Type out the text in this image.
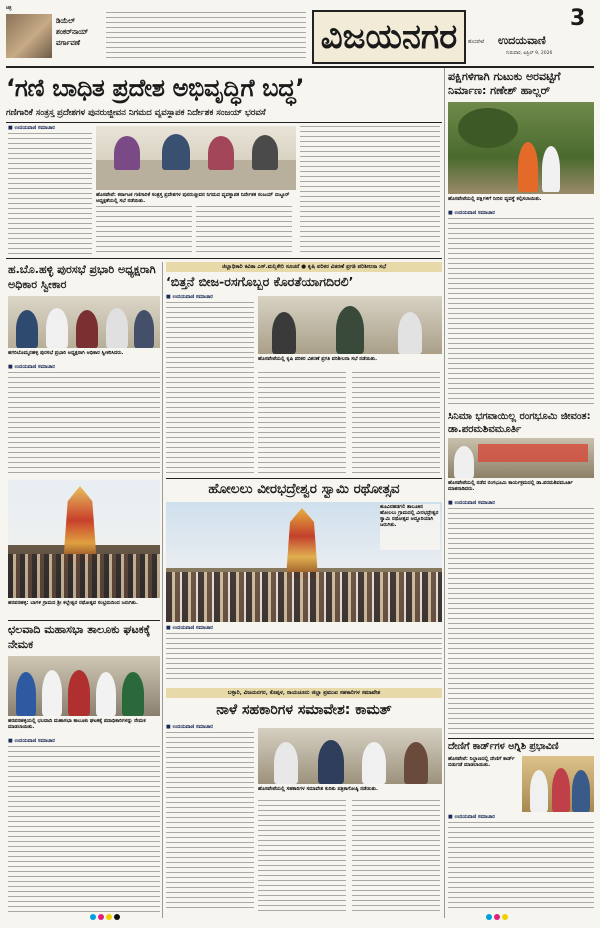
ಚಿತ್ರ
ಡಿಯೆಲ್
ಶಂಕರ್‌ನಾಯ್
ವರ್ಗಾವಣೆ	ವಿಜಯನಗರ	ಹೊಸಪೇಟೆ
3
ಉದಯವಾಣಿ
ಗುರುವಾರ, ಏಪ್ರಿಲ್ 9, 2026
‘ಗಣಿ ಬಾಧಿತ ಪ್ರದೇಶ ಅಭಿವೃದ್ಧಿಗೆ ಬದ್ಧ’
ಗಣಿಗಾರಿಕೆ ಸಂತ್ರಸ್ತ ಪ್ರದೇಶಗಳ ಪುನರುಜ್ಜೀವನ ನಿಗಮದ ವ್ಯವಸ್ಥಾಪಕ ನಿರ್ದೇಶಕ ಸಂಜಯ್ ಭರವಸೆ
■ ಉದಯವಾಣಿ ಸಮಾಚಾರ
ಹೊಸಪೇಟೆ: ಕರ್ನಾಟಕ ಗಣಿಗಾರಿಕೆ ಸಂತ್ರಸ್ತ ಪ್ರದೇಶಗಳ ಪುನರುಜ್ಜೀವನ ನಿಗಮದ ವ್ಯವಸ್ಥಾಪಕ ನಿರ್ದೇಶಕ ಸಂಜಯ್ ಬಿಜ್ಜೂರ್ ಅಧ್ಯಕ್ಷತೆಯಲ್ಲಿ ಸಭೆ ನಡೆಯಿತು.
ಪಕ್ಷಿಗಳಿಗಾಗಿ ಗುಟುಕು ಅರವಟ್ಟಿಗೆ ನಿರ್ಮಾಣ: ಗಣೇಶ್ ಹಾಲ್ಲರ್
ಹೊಸಪೇಟೆಯಲ್ಲಿ ಪಕ್ಷಿಗಳಿಗೆ ನೀರಿನ ವ್ಯವಸ್ಥೆ ಕಲ್ಪಿಸಲಾಯಿತು.
■ ಉದಯವಾಣಿ ಸಮಾಚಾರ
ಹ.ಬೊ.ಹಳ್ಳಿ ಪುರಸಭೆ ಪ್ರಭಾರಿ ಅಧ್ಯಕ್ಷರಾಗಿ ಅಧಿಕಾರ ಸ್ವೀಕಾರ
ಹಗರಿಬೊಮ್ಮನಹಳ್ಳಿ ಪುರಸಭೆ ಪ್ರಭಾರಿ ಅಧ್ಯಕ್ಷರಾಗಿ ಅಧಿಕಾರ ಸ್ವೀಕರಿಸಿದರು.
■ ಉದಯವಾಣಿ ಸಮಾಚಾರ
ಜಿಲ್ಲಾಧಿಕಾರಿ ಕವಿತಾ ಎಸ್.ಮನ್ನಿಕೇರಿ ಸೂಚನೆ ● ಕೃಷಿ ಪರಿಕರ ವಿತರಣೆ ಪ್ರಗತಿ ಪರಿಶೀಲನಾ ಸಭೆ
‘ಬಿತ್ತನೆ ಬೀಜ-ರಸಗೊಬ್ಬರ ಕೊರತೆಯಾಗದಿರಲಿ’
■ ಉದಯವಾಣಿ ಸಮಾಚಾರ
ಹೊಸಪೇಟೆಯಲ್ಲಿ ಕೃಷಿ ಪರಿಕರ ವಿತರಣೆ ಪ್ರಗತಿ ಪರಿಶೀಲನಾ ಸಭೆ ನಡೆಯಿತು.
ಸಿನಿಮಾ ಭಗವಾಯಿಲ್ಲ ರಂಗಭೂಮಿ ಜೀವಂತ: ಡಾ.ಪರಮಶಿವಮೂರ್ತಿ
ಹೊಸಪೇಟೆಯಲ್ಲಿ ನಡೆದ ರಂಗಭೂಮಿ ಕಾರ್ಯಕ್ರಮದಲ್ಲಿ ಡಾ.ಪರಮಶಿವಮೂರ್ತಿ ಮಾತನಾಡಿದರು.
■ ಉದಯವಾಣಿ ಸಮಾಚಾರ
ಹೋಲಲು ವೀರಭದ್ರೇಶ್ವರ ಸ್ವಾಮಿ ರಥೋತ್ಸವ
ಹೂವಿನಹಡಗಲಿ ತಾಲೂಕಿನ ಹೋಲಲು ಗ್ರಾಮದಲ್ಲಿ ವೀರಭದ್ರೇಶ್ವರ ಸ್ವಾಮಿ ರಥೋತ್ಸವ ಅದ್ದೂರಿಯಾಗಿ ಜರುಗಿತು.
■ ಉದಯವಾಣಿ ಸಮಾಚಾರ
ಹರಪನಹಳ್ಳಿ: ಬಾಗಳಿ ಗ್ರಾಮದ ಶ್ರೀ ಕಲ್ಲೇಶ್ವರ ರಥೋತ್ಸವ ಸಂಭ್ರಮದಿಂದ ಜರುಗಿತು.
ಛಲವಾದಿ ಮಹಾಸಭಾ ತಾಲೂಕು ಘಟಕಕ್ಕೆ ನೇಮಕ
ಹರಪನಹಳ್ಳಿಯಲ್ಲಿ ಛಲವಾದಿ ಮಹಾಸಭಾ ತಾಲೂಕು ಘಟಕಕ್ಕೆ ಪದಾಧಿಕಾರಿಗಳನ್ನು ನೇಮಕ ಮಾಡಲಾಯಿತು.
■ ಉದಯವಾಣಿ ಸಮಾಚಾರ	ದೇಣಿಗೆ ಕಾರ್ಡ್‌ಗಳ ಅಗ್ನಿಶಿ ಪ್ರಭಾವಿಣಿ
ಹೊಸಪೇಟೆ: ನಿಲ್ದಾಣದಲ್ಲಿ ದೇಣಿಗೆ ಕಾರ್ಡ್ ಬಿಡುಗಡೆ ಮಾಡಲಾಯಿತು.
■ ಉದಯವಾಣಿ ಸಮಾಚಾರ
ಬಳ್ಳಾರಿ, ವಿಜಯನಗರ, ಕೊಪ್ಪಳ, ರಾಯಚೂರು ಜಿಲ್ಲಾ ಪ್ರಮುಖ ಸಹಕಾರಿಗಳ ಸಮಾವೇಶ
ನಾಳೆ ಸಹಕಾರಿಗಳ ಸಮಾವೇಶ: ಕಾಮತ್
■ ಉದಯವಾಣಿ ಸಮಾಚಾರ
ಹೊಸಪೇಟೆಯಲ್ಲಿ ಸಹಕಾರಿಗಳ ಸಮಾವೇಶ ಕುರಿತು ಪತ್ರಿಕಾಗೋಷ್ಠಿ ನಡೆಯಿತು.
